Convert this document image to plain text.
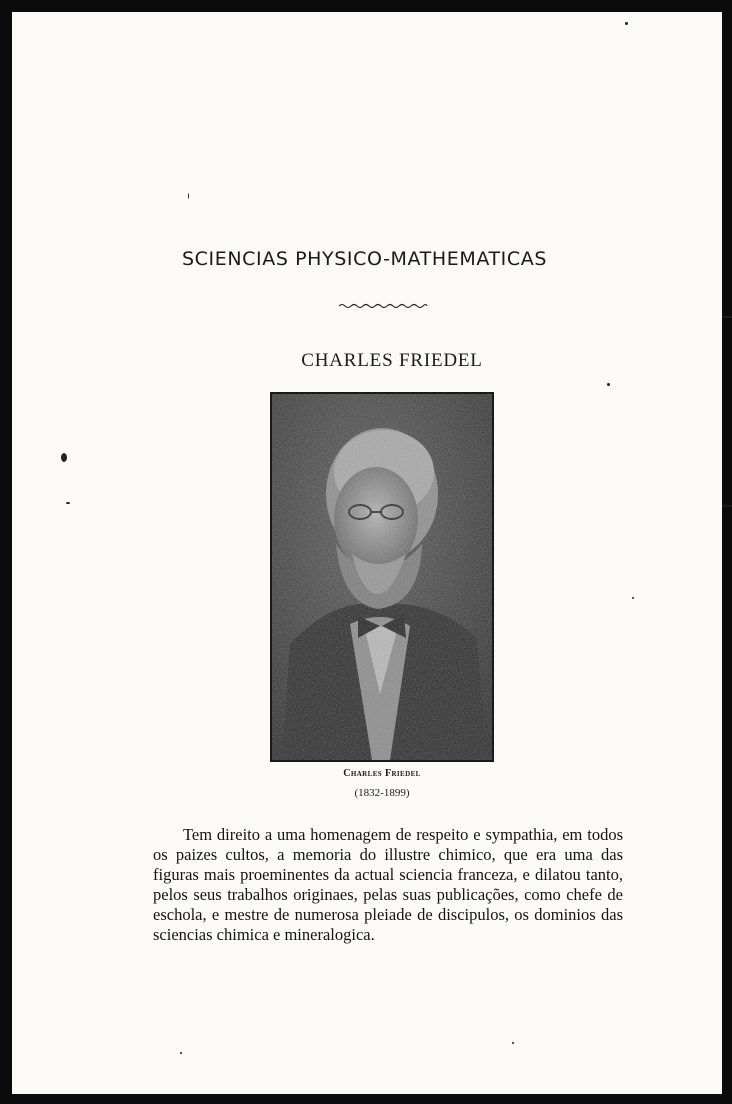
SCIENCIAS PHYSICO-MATHEMATICAS
CHARLES FRIEDEL
Charles Friedel
(1832-1899)
Tem direito a uma homenagem de respeito e sympathia, em todos os paizes cultos, a memoria do illustre chimico, que era uma das figuras mais proeminentes da actual sciencia franceza, e dilatou tanto, pelos seus trabalhos originaes, pelas suas publicações, como chefe de eschola, e mestre de numerosa pleiade de discipulos, os dominios das sciencias chimica e mineralogica.
